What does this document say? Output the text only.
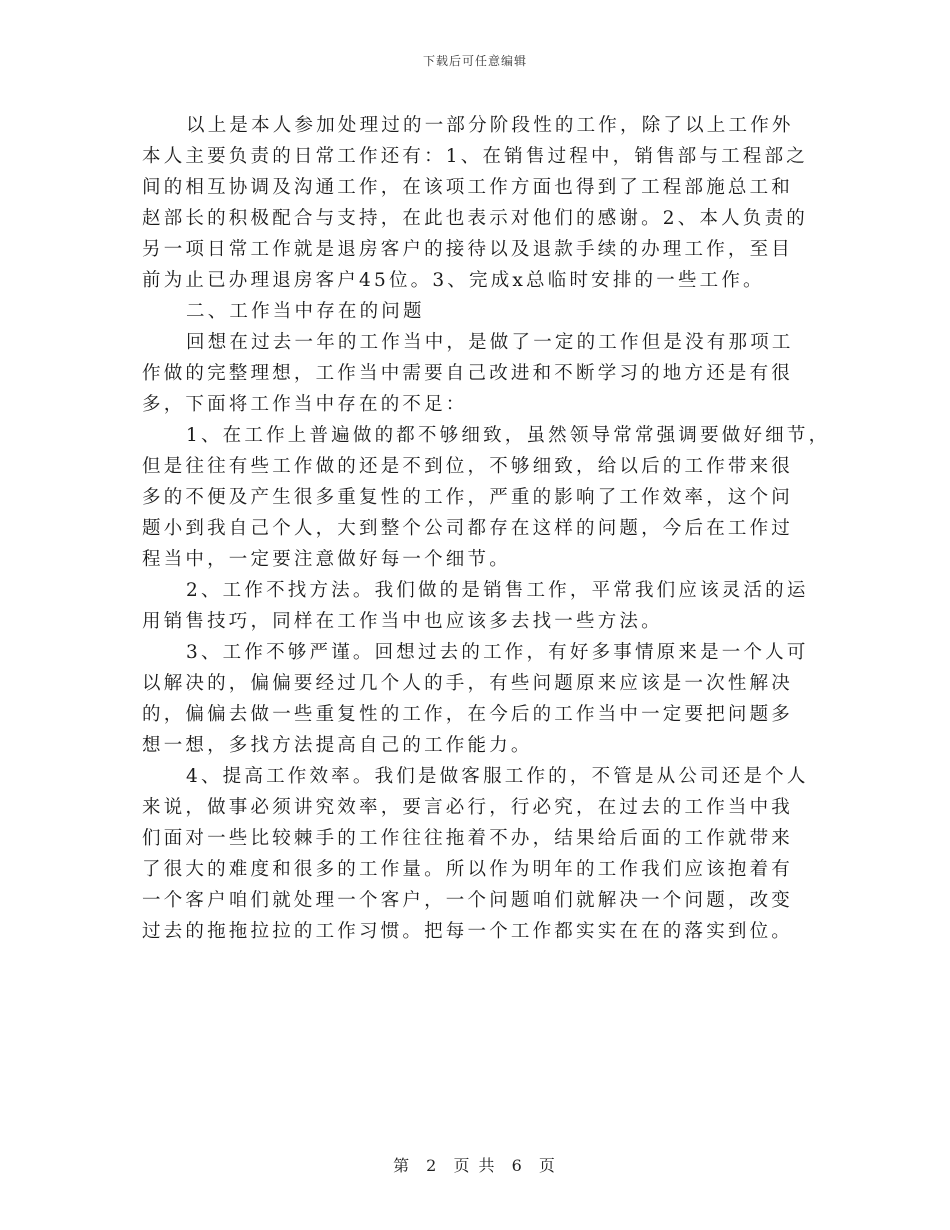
下载后可任意编辑
以上是本人参加处理过的一部分阶段性的工作，除了以上工作外
本人主要负责的日常工作还有：1、在销售过程中，销售部与工程部之
间的相互协调及沟通工作，在该项工作方面也得到了工程部施总工和
赵部长的积极配合与支持，在此也表示对他们的感谢。2、本人负责的
另一项日常工作就是退房客户的接待以及退款手续的办理工作，至目
前为止已办理退房客户45位。3、完成x总临时安排的一些工作。
二、工作当中存在的问题
回想在过去一年的工作当中，是做了一定的工作但是没有那项工
作做的完整理想，工作当中需要自己改进和不断学习的地方还是有很
多，下面将工作当中存在的不足：
1、在工作上普遍做的都不够细致，虽然领导常常强调要做好细节，
但是往往有些工作做的还是不到位，不够细致，给以后的工作带来很
多的不便及产生很多重复性的工作，严重的影响了工作效率，这个问
题小到我自己个人，大到整个公司都存在这样的问题，今后在工作过
程当中，一定要注意做好每一个细节。
2、工作不找方法。我们做的是销售工作，平常我们应该灵活的运
用销售技巧，同样在工作当中也应该多去找一些方法。
3、工作不够严谨。回想过去的工作，有好多事情原来是一个人可
以解决的，偏偏要经过几个人的手，有些问题原来应该是一次性解决
的，偏偏去做一些重复性的工作，在今后的工作当中一定要把问题多
想一想，多找方法提高自己的工作能力。
4、提高工作效率。我们是做客服工作的，不管是从公司还是个人
来说，做事必须讲究效率，要言必行，行必究，在过去的工作当中我
们面对一些比较棘手的工作往往拖着不办，结果给后面的工作就带来
了很大的难度和很多的工作量。所以作为明年的工作我们应该抱着有
一个客户咱们就处理一个客户，一个问题咱们就解决一个问题，改变
过去的拖拖拉拉的工作习惯。把每一个工作都实实在在的落实到位。
第 2 页 共 6 页
